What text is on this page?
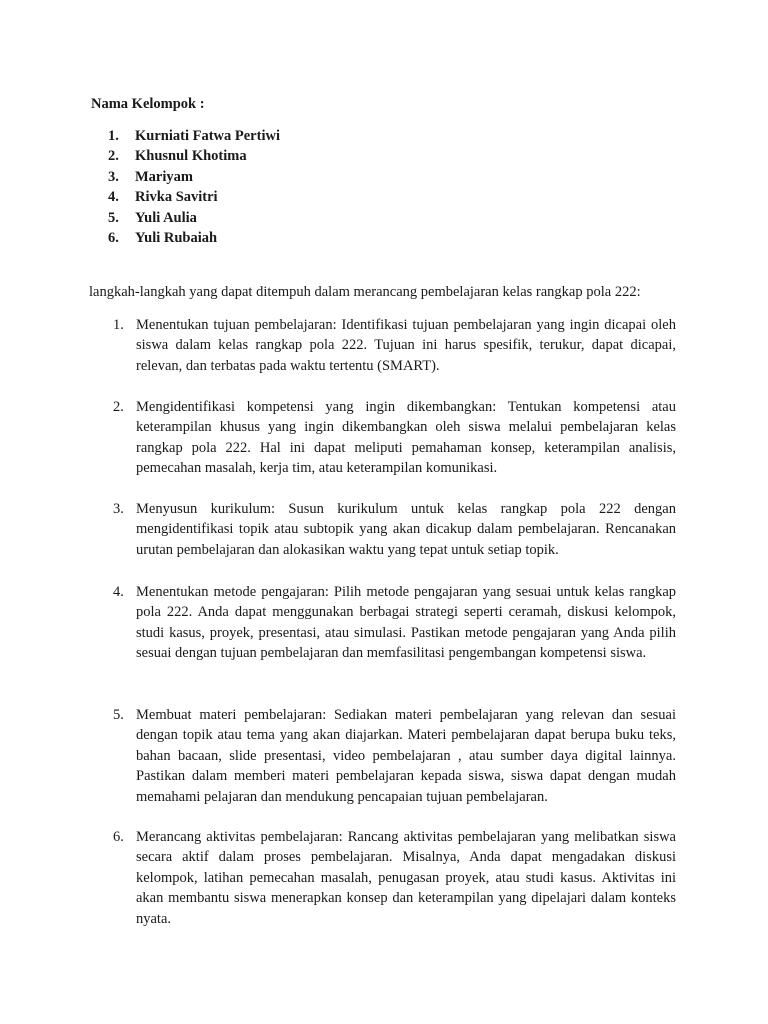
Nama Kelompok :
1. Kurniati Fatwa Pertiwi
2. Khusnul Khotima
3. Mariyam
4. Rivka Savitri
5. Yuli Aulia
6. Yuli Rubaiah
langkah-langkah yang dapat ditempuh dalam merancang pembelajaran kelas rangkap pola 222:
1. Menentukan tujuan pembelajaran: Identifikasi tujuan pembelajaran yang ingin dicapai oleh siswa dalam kelas rangkap pola 222. Tujuan ini harus spesifik, terukur, dapat dicapai, relevan, dan terbatas pada waktu tertentu (SMART).
2. Mengidentifikasi kompetensi yang ingin dikembangkan: Tentukan kompetensi atau keterampilan khusus yang ingin dikembangkan oleh siswa melalui pembelajaran kelas rangkap pola 222. Hal ini dapat meliputi pemahaman konsep, keterampilan analisis, pemecahan masalah, kerja tim, atau keterampilan komunikasi.
3. Menyusun kurikulum: Susun kurikulum untuk kelas rangkap pola 222 dengan mengidentifikasi topik atau subtopik yang akan dicakup dalam pembelajaran. Rencanakan urutan pembelajaran dan alokasikan waktu yang tepat untuk setiap topik.
4. Menentukan metode pengajaran: Pilih metode pengajaran yang sesuai untuk kelas rangkap pola 222. Anda dapat menggunakan berbagai strategi seperti ceramah, diskusi kelompok, studi kasus, proyek, presentasi, atau simulasi. Pastikan metode pengajaran yang Anda pilih sesuai dengan tujuan pembelajaran dan memfasilitasi pengembangan kompetensi siswa.
5. Membuat materi pembelajaran: Sediakan materi pembelajaran yang relevan dan sesuai dengan topik atau tema yang akan diajarkan. Materi pembelajaran dapat berupa buku teks, bahan bacaan, slide presentasi, video pembelajaran , atau sumber daya digital lainnya. Pastikan dalam memberi materi pembelajaran kepada siswa, siswa dapat dengan mudah memahami pelajaran dan mendukung pencapaian tujuan pembelajaran.
6. Merancang aktivitas pembelajaran: Rancang aktivitas pembelajaran yang melibatkan siswa secara aktif dalam proses pembelajaran. Misalnya, Anda dapat mengadakan diskusi kelompok, latihan pemecahan masalah, penugasan proyek, atau studi kasus. Aktivitas ini akan membantu siswa menerapkan konsep dan keterampilan yang dipelajari dalam konteks nyata.
